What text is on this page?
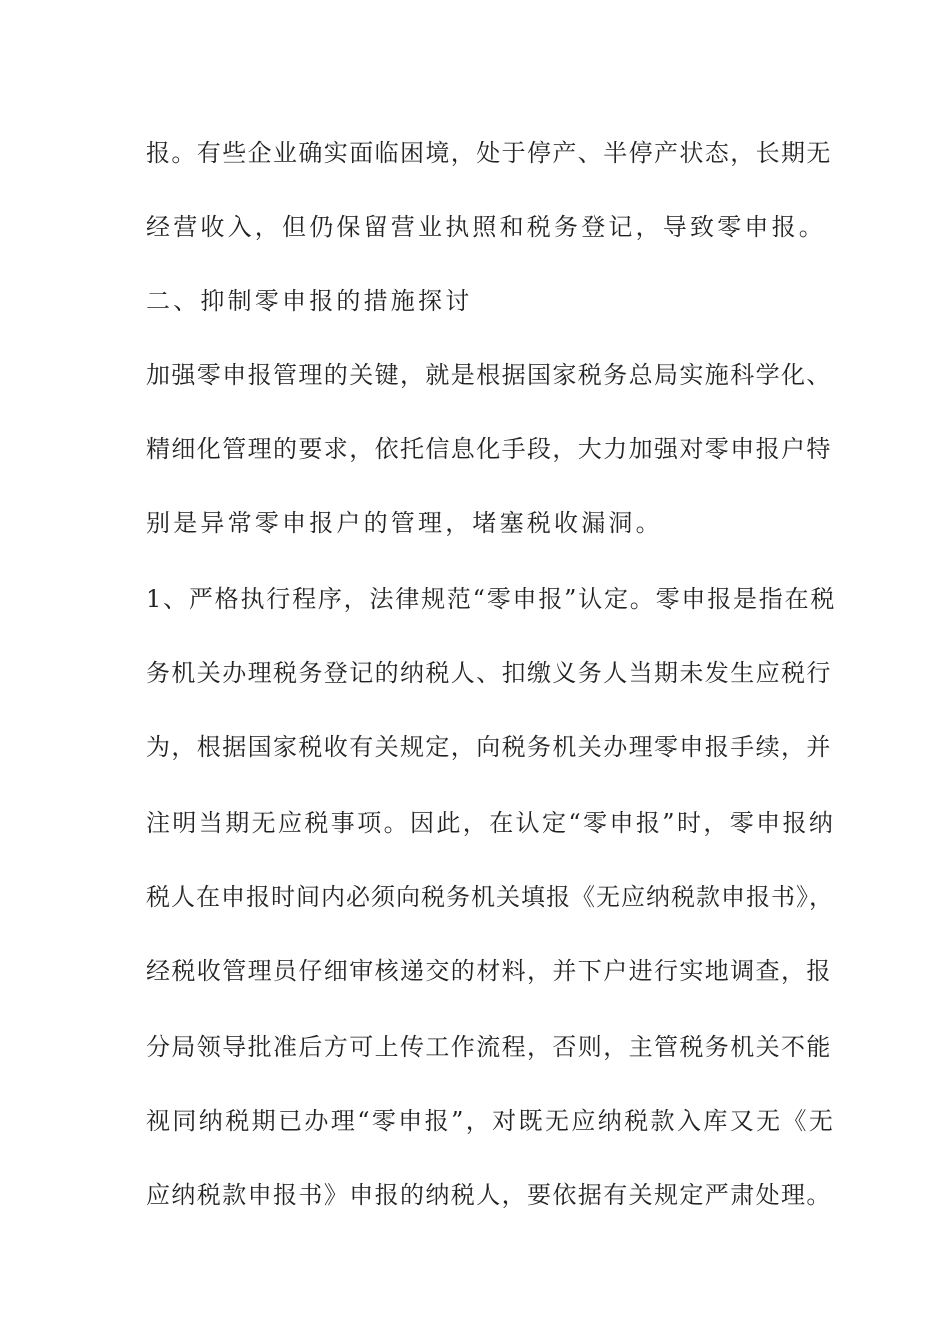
报。有些企业确实面临困境，处于停产、半停产状态，长期无

经营收入，但仍保留营业执照和税务登记，导致零申报。

二、抑制零申报的措施探讨

加强零申报管理的关键，就是根据国家税务总局实施科学化、

精细化管理的要求，依托信息化手段，大力加强对零申报户特

别是异常零申报户的管理，堵塞税收漏洞。

1、严格执行程序，法律规范“零申报”认定。零申报是指在税

务机关办理税务登记的纳税人、扣缴义务人当期未发生应税行

为，根据国家税收有关规定，向税务机关办理零申报手续，并

注明当期无应税事项。因此，在认定“零申报”时，零申报纳

税人在申报时间内必须向税务机关填报《无应纳税款申报书》，

经税收管理员仔细审核递交的材料，并下户进行实地调查，报

分局领导批准后方可上传工作流程，否则，主管税务机关不能

视同纳税期已办理“零申报”，对既无应纳税款入库又无《无

应纳税款申报书》申报的纳税人，要依据有关规定严肃处理。
